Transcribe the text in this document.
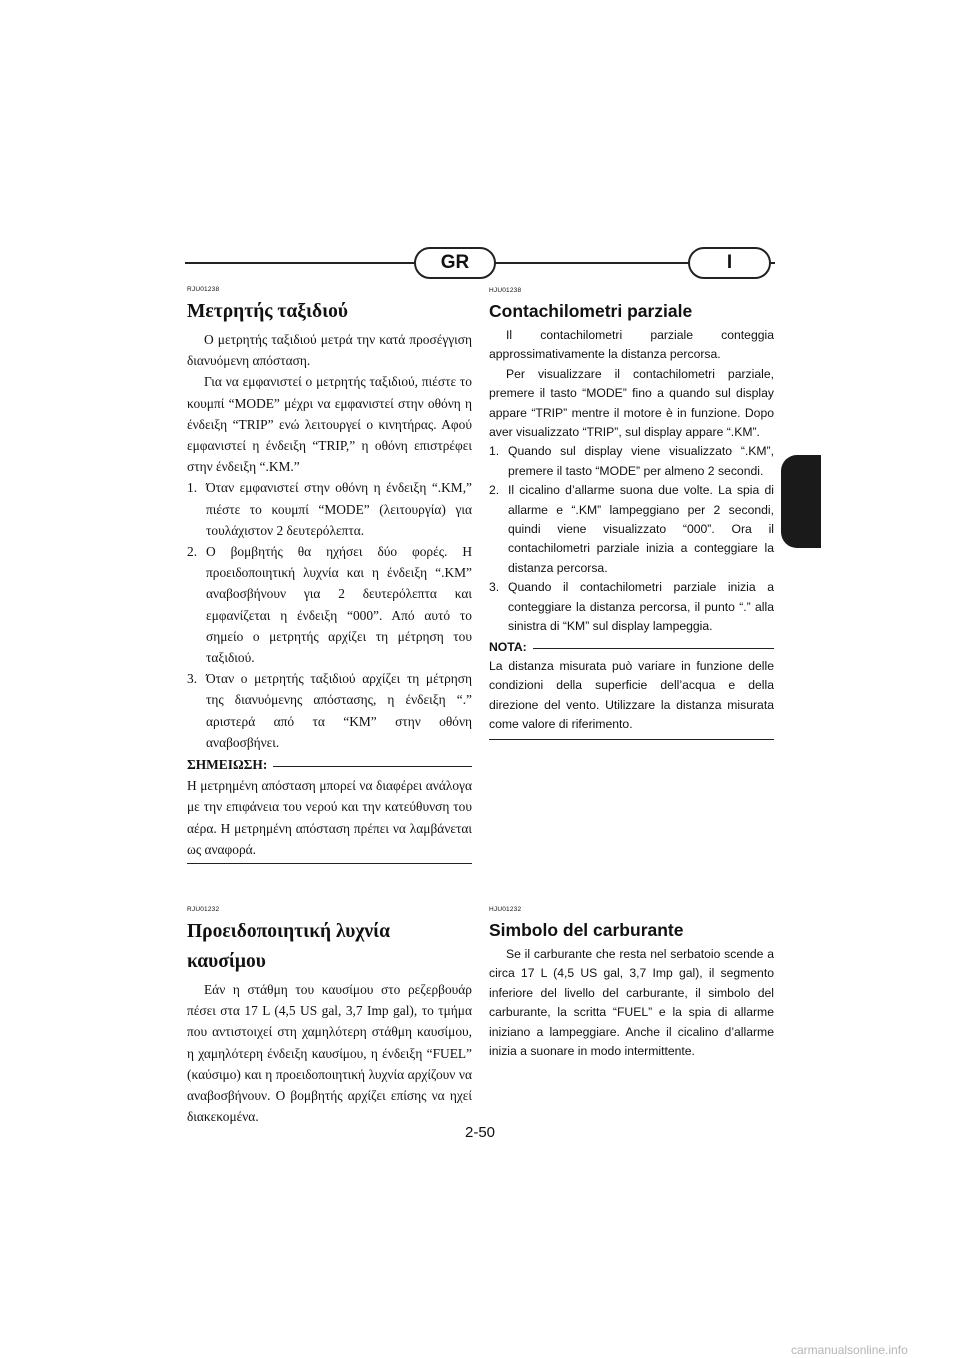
GR	I
RJU01238
Μετρητής ταξιδιού

Ο μετρητής ταξιδιού μετρά την κατά προσέγγιση διανυόμενη απόσταση.

Για να εμφανιστεί ο μετρητής ταξιδιού, πιέστε το κουμπί “MODE” μέχρι να εμφανιστεί στην οθόνη η ένδειξη “TRIP” ενώ λειτουργεί ο κινητήρας. Αφού εμφανιστεί η ένδειξη “TRIP,” η οθόνη επιστρέφει στην ένδειξη “.KM.”

1. Όταν εμφανιστεί στην οθόνη η ένδειξη “.KM,” πιέστε το κουμπί “MODE” (λειτουργία) για τουλάχιστον 2 δευτερόλεπτα.
2. Ο βομβητής θα ηχήσει δύο φορές. Η προειδοποιητική λυχνία και η ένδειξη “.KM” αναβοσβήνουν για 2 δευτερόλεπτα και εμφανίζεται η ένδειξη “000”. Από αυτό το σημείο ο μετρητής αρχίζει τη μέτρηση του ταξιδιού.
3. Όταν ο μετρητής ταξιδιού αρχίζει τη μέτρηση της διανυόμενης απόστασης, η ένδειξη “.” αριστερά από τα “KM” στην οθόνη αναβοσβήνει.
ΣΗΜΕΙΩΣΗ:
Η μετρημένη απόσταση μπορεί να διαφέρει ανάλογα με την επιφάνεια του νερού και την κατεύθυνση του αέρα. Η μετρημένη απόσταση πρέπει να λαμβάνεται ως αναφορά.
HJU01238
Contachilometri parziale

Il contachilometri parziale conteggia approssimativamente la distanza percorsa.

Per visualizzare il contachilometri parziale, premere il tasto “MODE” fino a quando sul display appare “TRIP” mentre il motore è in funzione. Dopo aver visualizzato “TRIP”, sul display appare “.KM”.

1. Quando sul display viene visualizzato “.KM”, premere il tasto “MODE” per almeno 2 secondi.
2. Il cicalino d’allarme suona due volte. La spia di allarme e “.KM” lampeggiano per 2 secondi, quindi viene visualizzato “000”. Ora il contachilometri parziale inizia a conteggiare la distanza percorsa.
3. Quando il contachilometri parziale inizia a conteggiare la distanza percorsa, il punto “.” alla sinistra di “KM” sul display lampeggia.
NOTA:
La distanza misurata può variare in funzione delle condizioni della superficie dell’acqua e della direzione del vento. Utilizzare la distanza misurata come valore di riferimento.
RJU01232
Προειδοποιητική λυχνία
καυσίμου

Εάν η στάθμη του καυσίμου στο ρεζερβουάρ πέσει στα 17 L (4,5 US gal, 3,7 Imp gal), το τμήμα που αντιστοιχεί στη χαμηλότερη στάθμη καυσίμου, η χαμηλότερη ένδειξη καυσίμου, η ένδειξη “FUEL” (καύσιμο) και η προειδοποιητική λυχνία αρχίζουν να αναβοσβήνουν. Ο βομβητής αρχίζει επίσης να ηχεί διακεκομένα.

HJU01232
Simbolo del carburante

Se il carburante che resta nel serbatoio scende a circa 17 L (4,5 US gal, 3,7 Imp gal), il segmento inferiore del livello del carburante, il simbolo del carburante, la scritta “FUEL” e la spia di allarme iniziano a lampeggiare. Anche il cicalino d’allarme inizia a suonare in modo intermittente.

2-50
carmanualsonline.info
